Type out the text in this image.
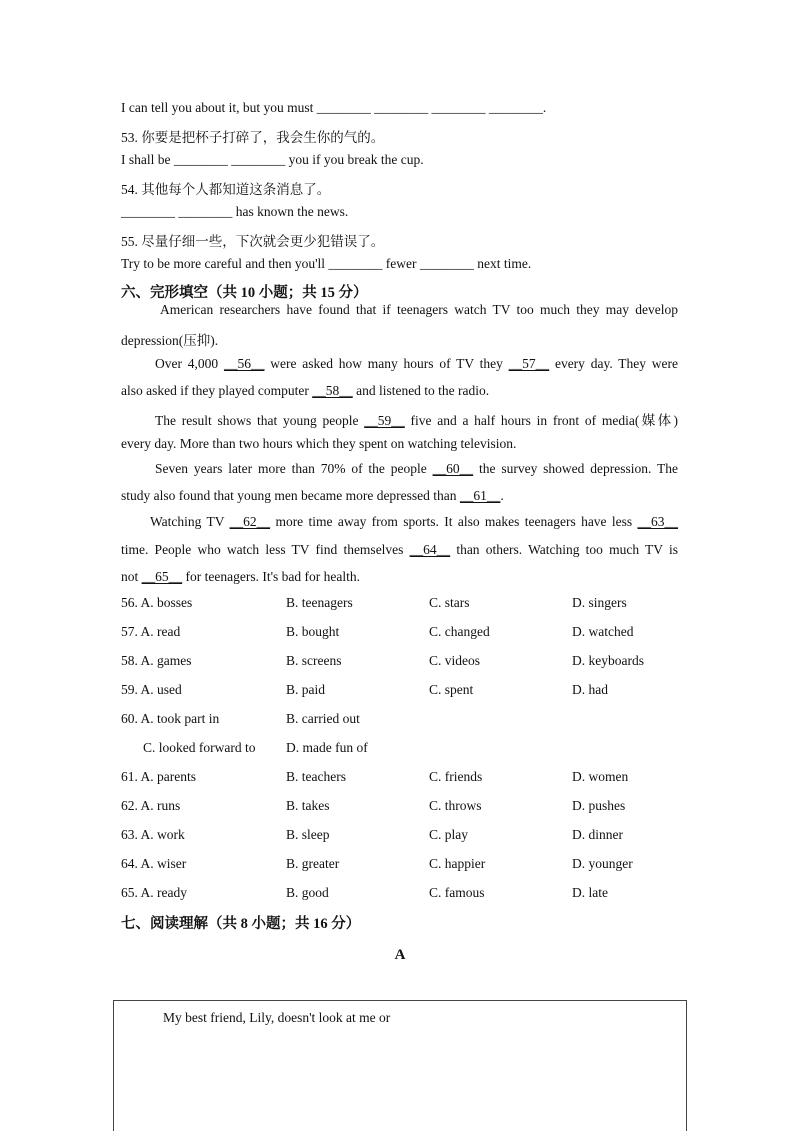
I can tell you about it, but you must ________ ________ ________ ________.
53. 你要是把杯子打碎了，我会生你的气的。
I shall be ________ ________ you if you break the cup.
54. 其他每个人都知道这条消息了。
________ ________ has known the news.
55. 尽量仔细一些，下次就会更少犯错误了。
Try to be more careful and then you'll ________ fewer ________ next time.
六、完形填空（共 10 小题；共 15 分）
American researchers have found that if teenagers watch TV too much they may develop
depression(压抑).
Over 4,000 __56__ were asked how many hours of TV they __57__ every day. They were
also asked if they played computer __58__ and listened to the radio.
The result shows that young people __59__ five and a half hours in front of media(媒体)
every day. More than two hours which they spent on watching television.
Seven years later more than 70% of the people __60__ the survey showed depression. The
study also found that young men became more depressed than __61__.
Watching TV __62__ more time away from sports. It also makes teenagers have less __63__
time. People who watch less TV find themselves __64__ than others. Watching too much TV is
not __65__ for teenagers. It's bad for health.
56. A. bosses	B. teenagers	C. stars	D. singers
57. A. read	B. bought	C. changed	D. watched
58. A. games	B. screens	C. videos	D. keyboards
59. A. used	B. paid	C. spent	D. had
60. A. took part in	B. carried out
C. looked forward to D. made fun of
61. A. parents	B. teachers	C. friends	D. women
62. A. runs	B. takes	C. throws	D. pushes
63. A. work	B. sleep	C. play	D. dinner
64. A. wiser	B. greater	C. happier	D. younger
65. A. ready	B. good	C. famous	D. late
七、阅读理解（共 8 小题；共 16 分）
A
My best friend, Lily, doesn't look at me or
